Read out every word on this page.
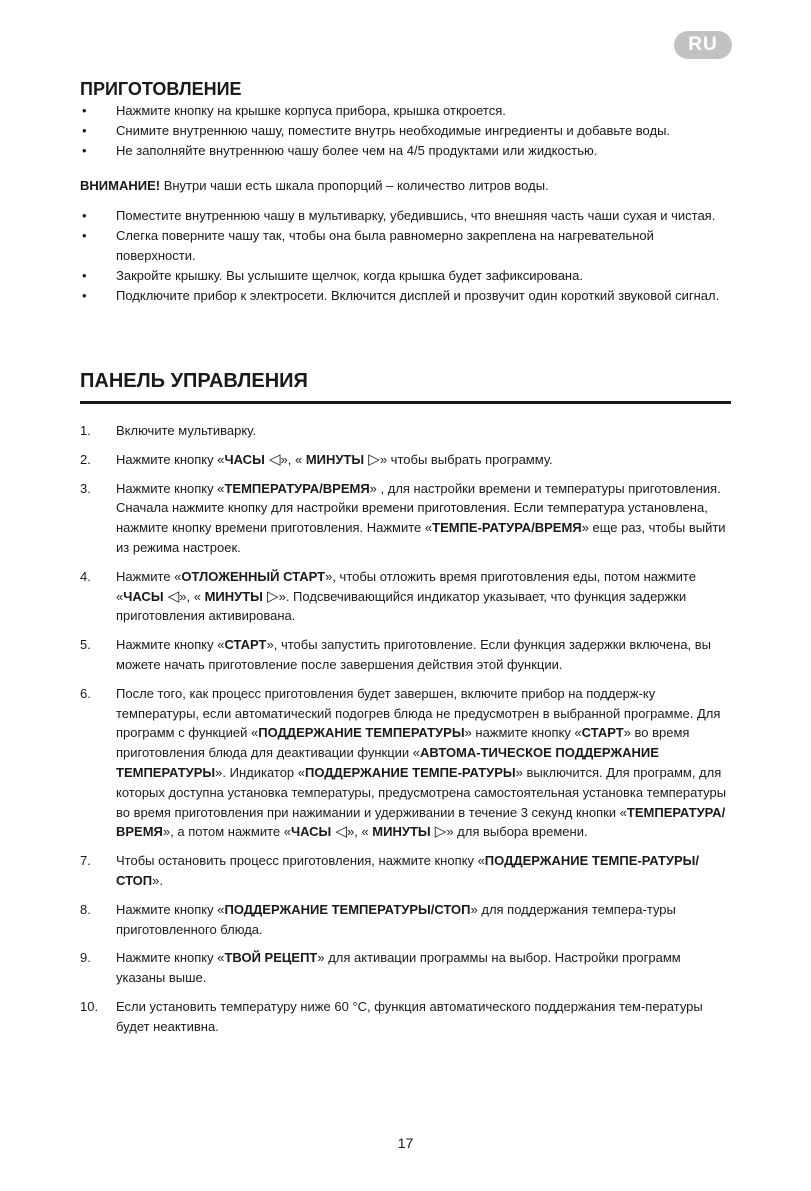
RU
ПРИГОТОВЛЕНИЕ
• Нажмите кнопку на крышке корпуса прибора, крышка откроется.
• Снимите внутреннюю чашу, поместите внутрь необходимые ингредиенты и добавьте воды.
• Не заполняйте внутреннюю чашу более чем на 4/5 продуктами или жидкостью.

ВНИМАНИЕ! Внутри чаши есть шкала пропорций – количество литров воды.

• Поместите внутреннюю чашу в мультиварку, убедившись, что внешняя часть чаши сухая и чистая.
• Слегка поверните чашу так, чтобы она была равномерно закреплена на нагревательной поверхности.
• Закройте крышку. Вы услышите щелчок, когда крышка будет зафиксирована.
• Подключите прибор к электросети. Включится дисплей и прозвучит один короткий звуковой сигнал.
ПАНЕЛЬ УПРАВЛЕНИЯ
1. Включите мультиварку.
2. Нажмите кнопку «ЧАСЫ ◁», « МИНУТЫ ▷» чтобы выбрать программу.
3. Нажмите кнопку «ТЕМПЕРАТУРА/ВРЕМЯ» , для настройки времени и температуры приготовления. Сначала нажмите кнопку для настройки времени приготовления. Если температура установлена, нажмите кнопку времени приготовления. Нажмите «ТЕМПЕ-РАТУРА/ВРЕМЯ» еще раз, чтобы выйти из режима настроек.
4. Нажмите «ОТЛОЖЕННЫЙ СТАРТ», чтобы отложить время приготовления еды, потом нажмите «ЧАСЫ ◁», « МИНУТЫ ▷». Подсвечивающийся индикатор указывает, что функция задержки приготовления активирована.
5. Нажмите кнопку «СТАРТ», чтобы запустить приготовление. Если функция задержки включена, вы можете начать приготовление после завершения действия этой функции.
6. После того, как процесс приготовления будет завершен, включите прибор на поддерж-ку температуры, если автоматический подогрев блюда не предусмотрен в выбранной программе. Для программ с функцией «ПОДДЕРЖАНИЕ ТЕМПЕРАТУРЫ» нажмите кнопку «СТАРТ» во время приготовления блюда для деактивации функции «АВТОМА-ТИЧЕСКОЕ ПОДДЕРЖАНИЕ ТЕМПЕРАТУРЫ». Индикатор «ПОДДЕРЖАНИЕ ТЕМПЕ-РАТУРЫ» выключится. Для программ, для которых доступна установка температуры, предусмотрена самостоятельная установка температуры во время приготовления при нажимании и удерживании в течение 3 секунд кнопки «ТЕМПЕРАТУРА/ВРЕМЯ», а потом нажмите «ЧАСЫ ◁», « МИНУТЫ ▷» для выбора времени.
7. Чтобы остановить процесс приготовления, нажмите кнопку «ПОДДЕРЖАНИЕ ТЕМПЕ-РАТУРЫ/СТОП».
8. Нажмите кнопку «ПОДДЕРЖАНИЕ ТЕМПЕРАТУРЫ/СТОП» для поддержания темпера-туры приготовленного блюда.
9. Нажмите кнопку «ТВОЙ РЕЦЕПТ» для активации программы на выбор. Настройки программ указаны выше.
10. Если установить температуру ниже 60 °С, функция автоматического поддержания тем-пературы будет неактивна.
17
